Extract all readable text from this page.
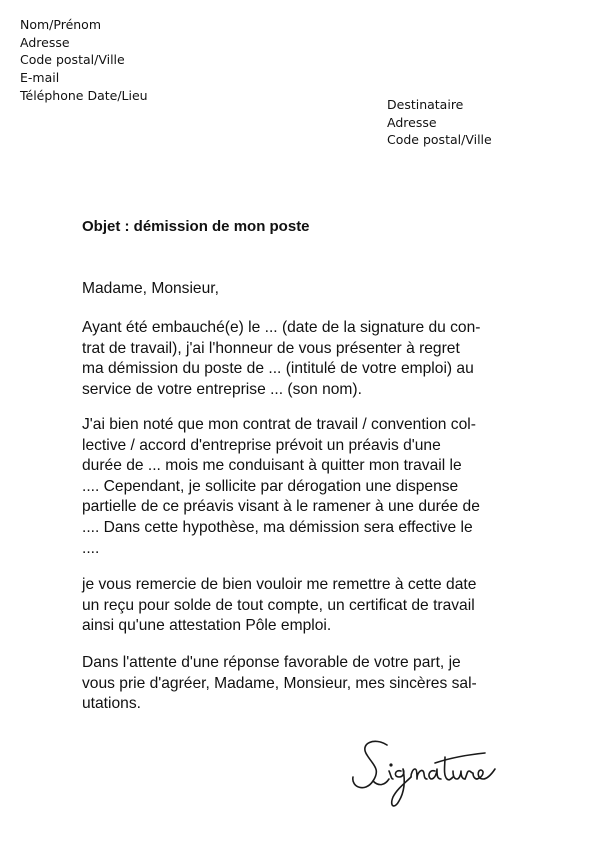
Nom/Prénom
Adresse
Code postal/Ville
E-mail
Téléphone Date/Lieu
Destinataire
Adresse
Code postal/Ville
Objet : démission de mon poste
Madame, Monsieur,
Ayant été embauché(e) le ... (date de la signature du con-
trat de travail), j'ai l'honneur de vous présenter à regret
ma démission du poste de ... (intitulé de votre emploi) au
service de votre entreprise ... (son nom).
J'ai bien noté que mon contrat de travail / convention col-
lective / accord d'entreprise prévoit un préavis d'une
durée de ... mois me conduisant à quitter mon travail le
.... Cependant, je sollicite par dérogation une dispense
partielle de ce préavis visant à le ramener à une durée de
.... Dans cette hypothèse, ma démission sera effective le
....
je vous remercie de bien vouloir me remettre à cette date
un reçu pour solde de tout compte, un certificat de travail
ainsi qu'une attestation Pôle emploi.
Dans l'attente d'une réponse favorable de votre part, je
vous prie d'agréer, Madame, Monsieur, mes sincères sal-
utations.
